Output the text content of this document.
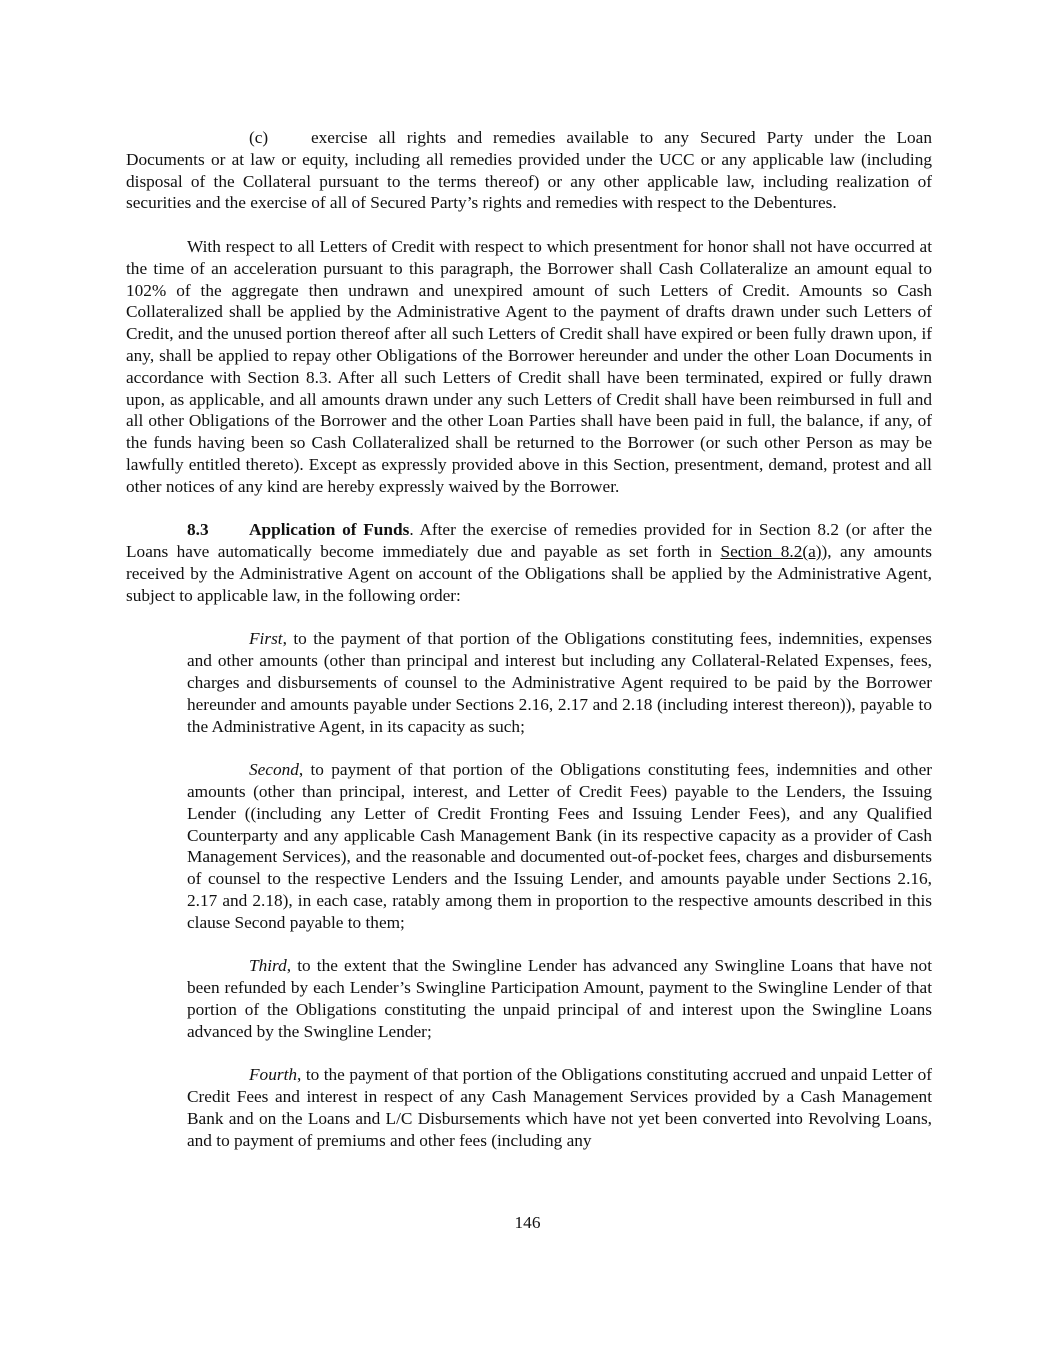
(c) exercise all rights and remedies available to any Secured Party under the Loan Documents or at law or equity, including all remedies provided under the UCC or any applicable law (including disposal of the Collateral pursuant to the terms thereof) or any other applicable law, including realization of securities and the exercise of all of Secured Party’s rights and remedies with respect to the Debentures.

With respect to all Letters of Credit with respect to which presentment for honor shall not have occurred at the time of an acceleration pursuant to this paragraph, the Borrower shall Cash Collateralize an amount equal to 102% of the aggregate then undrawn and unexpired amount of such Letters of Credit. Amounts so Cash Collateralized shall be applied by the Administrative Agent to the payment of drafts drawn under such Letters of Credit, and the unused portion thereof after all such Letters of Credit shall have expired or been fully drawn upon, if any, shall be applied to repay other Obligations of the Borrower hereunder and under the other Loan Documents in accordance with Section 8.3. After all such Letters of Credit shall have been terminated, expired or fully drawn upon, as applicable, and all amounts drawn under any such Letters of Credit shall have been reimbursed in full and all other Obligations of the Borrower and the other Loan Parties shall have been paid in full, the balance, if any, of the funds having been so Cash Collateralized shall be returned to the Borrower (or such other Person as may be lawfully entitled thereto). Except as expressly provided above in this Section, presentment, demand, protest and all other notices of any kind are hereby expressly waived by the Borrower.

8.3 Application of Funds. After the exercise of remedies provided for in Section 8.2 (or after the Loans have automatically become immediately due and payable as set forth in Section 8.2(a)), any amounts received by the Administrative Agent on account of the Obligations shall be applied by the Administrative Agent, subject to applicable law, in the following order:

First, to the payment of that portion of the Obligations constituting fees, indemnities, expenses and other amounts (other than principal and interest but including any Collateral-Related Expenses, fees, charges and disbursements of counsel to the Administrative Agent required to be paid by the Borrower hereunder and amounts payable under Sections 2.16, 2.17 and 2.18 (including interest thereon)), payable to the Administrative Agent, in its capacity as such;

Second, to payment of that portion of the Obligations constituting fees, indemnities and other amounts (other than principal, interest, and Letter of Credit Fees) payable to the Lenders, the Issuing Lender ((including any Letter of Credit Fronting Fees and Issuing Lender Fees), and any Qualified Counterparty and any applicable Cash Management Bank (in its respective capacity as a provider of Cash Management Services), and the reasonable and documented out-of-pocket fees, charges and disbursements of counsel to the respective Lenders and the Issuing Lender, and amounts payable under Sections 2.16, 2.17 and 2.18), in each case, ratably among them in proportion to the respective amounts described in this clause Second payable to them;

Third, to the extent that the Swingline Lender has advanced any Swingline Loans that have not been refunded by each Lender’s Swingline Participation Amount, payment to the Swingline Lender of that portion of the Obligations constituting the unpaid principal of and interest upon the Swingline Loans advanced by the Swingline Lender;

Fourth, to the payment of that portion of the Obligations constituting accrued and unpaid Letter of Credit Fees and interest in respect of any Cash Management Services provided by a Cash Management Bank and on the Loans and L/C Disbursements which have not yet been converted into Revolving Loans, and to payment of premiums and other fees (including any

146
